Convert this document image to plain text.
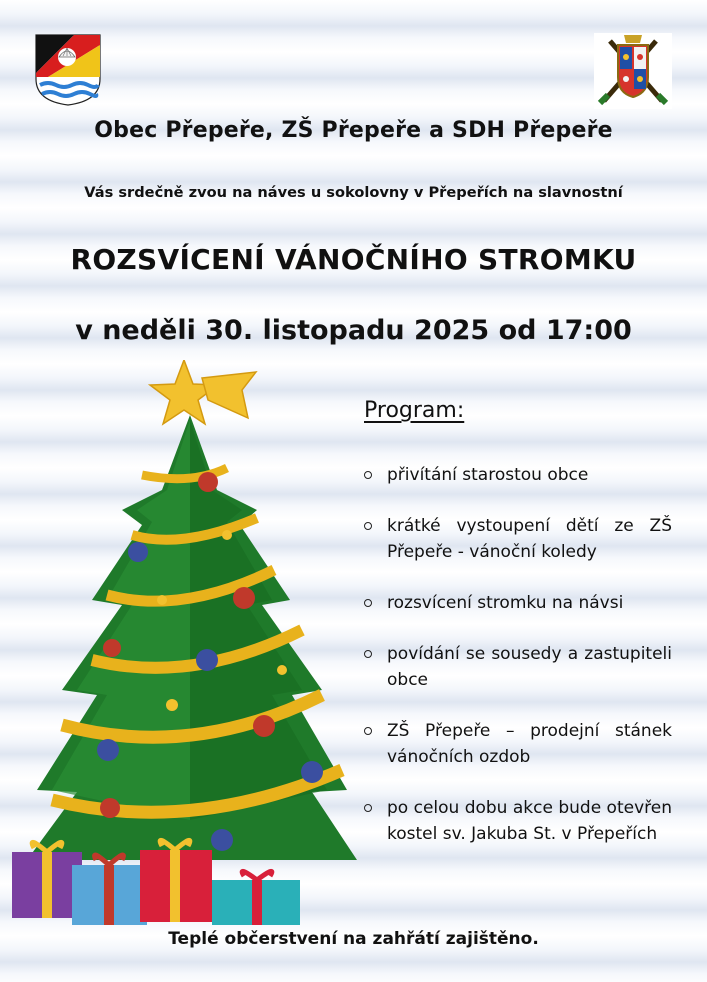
Obec Přepeře, ZŠ Přepeře a SDH Přepeře
Vás srdečně zvou na náves u sokolovny v Přepeřích na slavnostní
ROZSVÍCENÍ VÁNOČNÍHO STROMKU
v neděli 30. listopadu 2025 od 17:00
Program:
přivítání starostou obce
krátké vystoupení dětí ze ZŠ Přepeře - vánoční koledy
rozsvícení stromku na návsi
povídání se sousedy a zastupiteli obce
ZŠ Přepeře – prodejní stánek vánočních ozdob
po celou dobu akce bude otevřen kostel sv. Jakuba St. v Přepeřích
Teplé občerstvení na zahřátí zajištěno.
